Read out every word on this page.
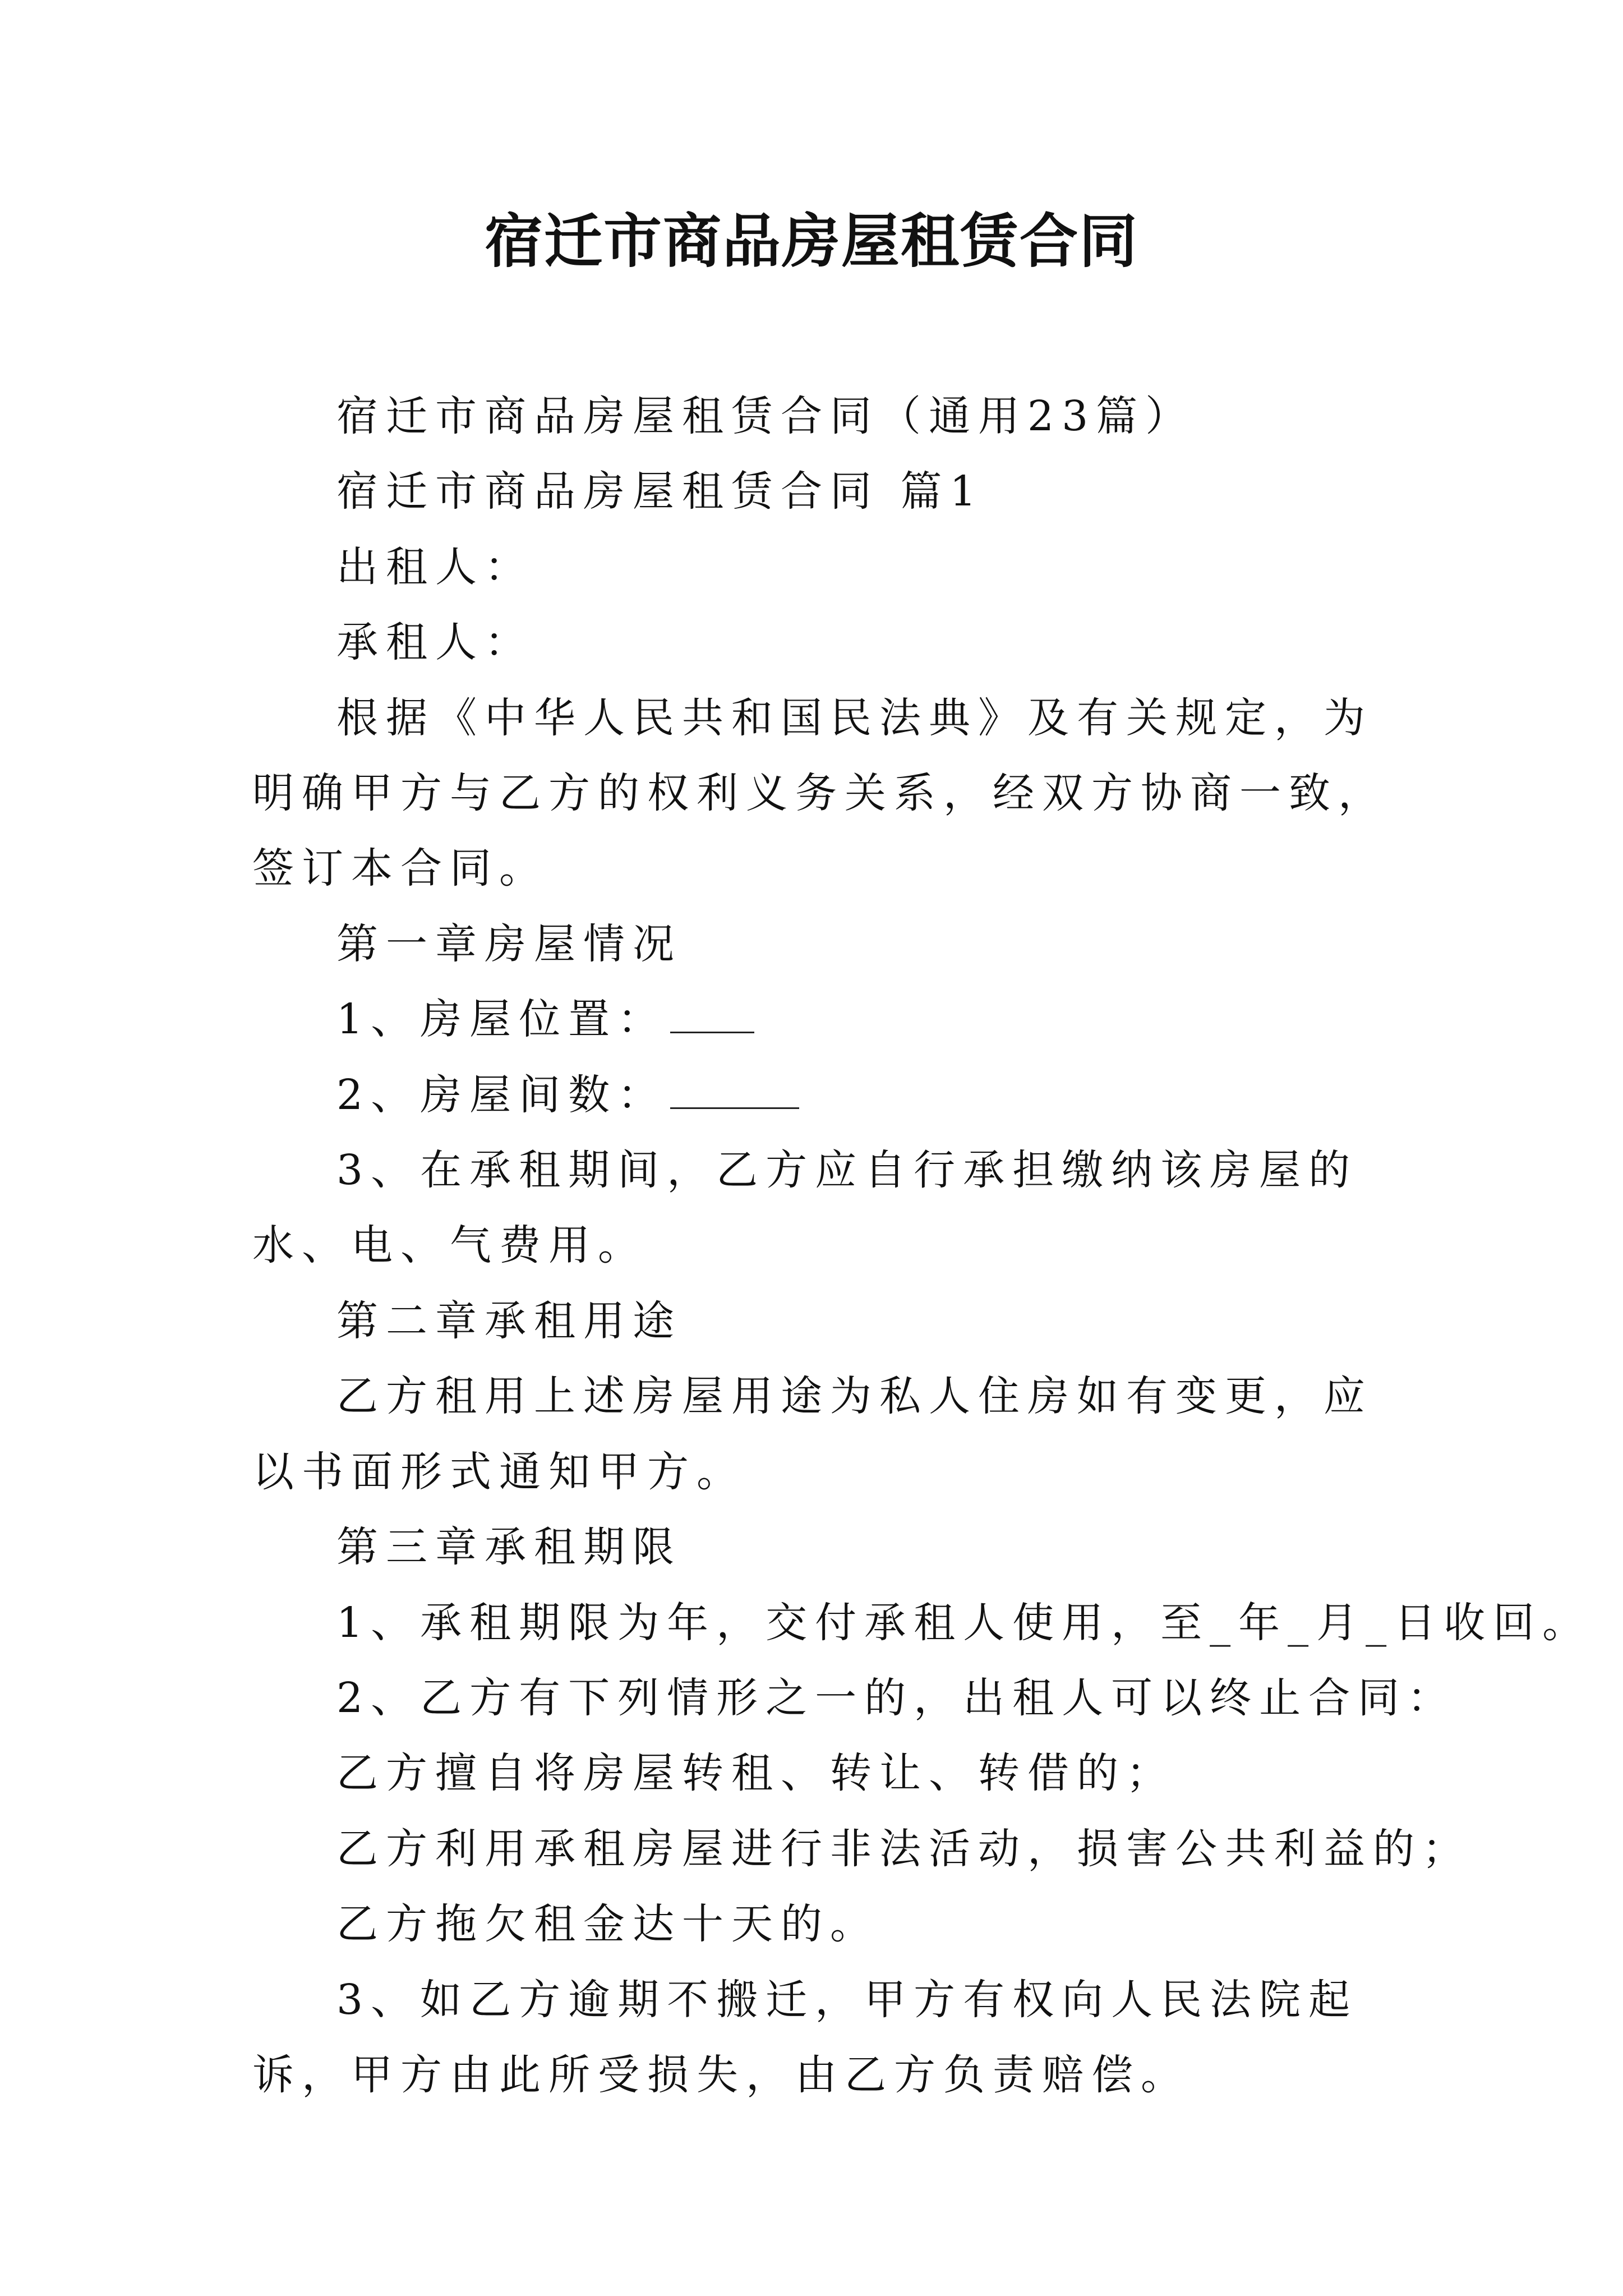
宿迁市商品房屋租赁合同

宿迁市商品房屋租赁合同（通用23篇）

宿迁市商品房屋租赁合同 篇1

出租人：

承租人：

根据《中华人民共和国民法典》及有关规定，为明确甲方与乙方的权利义务关系，经双方协商一致，签订本合同。

第一章房屋情况

1、房屋位置：

2、房屋间数：

3、在承租期间，乙方应自行承担缴纳该房屋的水、电、气费用。

第二章承租用途

乙方租用上述房屋用途为私人住房如有变更，应以书面形式通知甲方。

第三章承租期限

1、承租期限为年，交付承租人使用，至_年_月_日收回。

2、乙方有下列情形之一的，出租人可以终止合同：

乙方擅自将房屋转租、转让、转借的；

乙方利用承租房屋进行非法活动，损害公共利益的；

乙方拖欠租金达十天的。

3、如乙方逾期不搬迁，甲方有权向人民法院起诉，甲方由此所受损失，由乙方负责赔偿。
